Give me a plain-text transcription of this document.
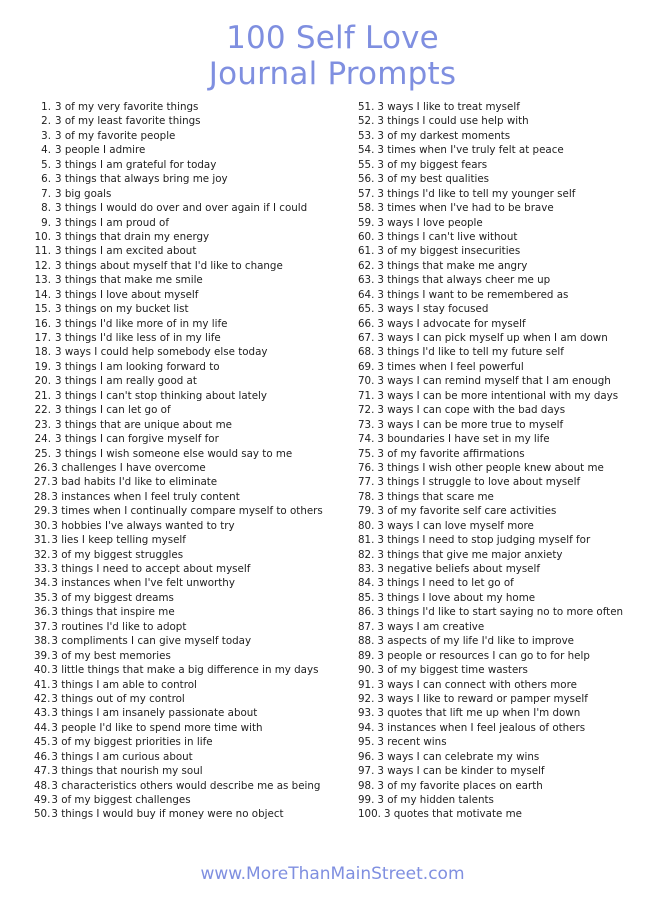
100 Self Love
Journal Prompts
1. 3 of my very favorite things
2. 3 of my least favorite things
3. 3 of my favorite people
4. 3 people I admire
5. 3 things I am grateful for today
6. 3 things that always bring me joy
7. 3 big goals
8. 3 things I would do over and over again if I could
9. 3 things I am proud of
10. 3 things that drain my energy
11. 3 things I am excited about
12. 3 things about myself that I'd like to change
13. 3 things that make me smile
14. 3 things I love about myself
15. 3 things on my bucket list
16. 3 things I'd like more of in my life
17. 3 things I'd like less of in my life
18. 3 ways I could help somebody else today
19. 3 things I am looking forward to
20. 3 things I am really good at
21. 3 things I can't stop thinking about lately
22. 3 things I can let go of
23. 3 things that are unique about me
24. 3 things I can forgive myself for
25. 3 things I wish someone else would say to me
26.3 challenges I have overcome
27.3 bad habits I'd like to eliminate
28.3 instances when I feel truly content
29.3 times when I continually compare myself to others
30.3 hobbies I've always wanted to try
31.3 lies I keep telling myself
32.3 of my biggest struggles
33.3 things I need to accept about myself
34.3 instances when I've felt unworthy
35.3 of my biggest dreams
36.3 things that inspire me
37.3 routines I'd like to adopt
38.3 compliments I can give myself today
39.3 of my best memories
40.3 little things that make a big difference in my days
41.3 things I am able to control
42.3 things out of my control
43.3 things I am insanely passionate about
44.3 people I'd like to spend more time with
45.3 of my biggest priorities in life
46.3 things I am curious about
47.3 things that nourish my soul
48.3 characteristics others would describe me as being
49.3 of my biggest challenges
50.3 things I would buy if money were no object
51. 3 ways I like to treat myself
52. 3 things I could use help with
53. 3 of my darkest moments
54. 3 times when I've truly felt at peace
55. 3 of my biggest fears
56. 3 of my best qualities
57. 3 things I'd like to tell my younger self
58. 3 times when I've had to be brave
59. 3 ways I love people
60. 3 things I can't live without
61. 3 of my biggest insecurities
62. 3 things that make me angry
63. 3 things that always cheer me up
64. 3 things I want to be remembered as
65. 3 ways I stay focused
66. 3 ways I advocate for myself
67. 3 ways I can pick myself up when I am down
68. 3 things I'd like to tell my future self
69. 3 times when I feel powerful
70. 3 ways I can remind myself that I am enough
71. 3 ways I can be more intentional with my days
72. 3 ways I can cope with the bad days
73. 3 ways I can be more true to myself
74. 3 boundaries I have set in my life
75. 3 of my favorite affirmations
76. 3 things I wish other people knew about me
77. 3 things I struggle to love about myself
78. 3 things that scare me
79. 3 of my favorite self care activities
80. 3 ways I can love myself more
81. 3 things I need to stop judging myself for
82. 3 things that give me major anxiety
83. 3 negative beliefs about myself
84. 3 things I need to let go of
85. 3 things I love about my home
86. 3 things I'd like to start saying no to more often
87. 3 ways I am creative
88. 3 aspects of my life I'd like to improve
89. 3 people or resources I can go to for help
90. 3 of my biggest time wasters
91. 3 ways I can connect with others more
92. 3 ways I like to reward or pamper myself
93. 3 quotes that lift me up when I'm down
94. 3 instances when I feel jealous of others
95. 3 recent wins
96. 3 ways I can celebrate my wins
97. 3 ways I can be kinder to myself
98. 3 of my favorite places on earth
99. 3 of my hidden talents
100. 3 quotes that motivate me
www.MoreThanMainStreet.com
